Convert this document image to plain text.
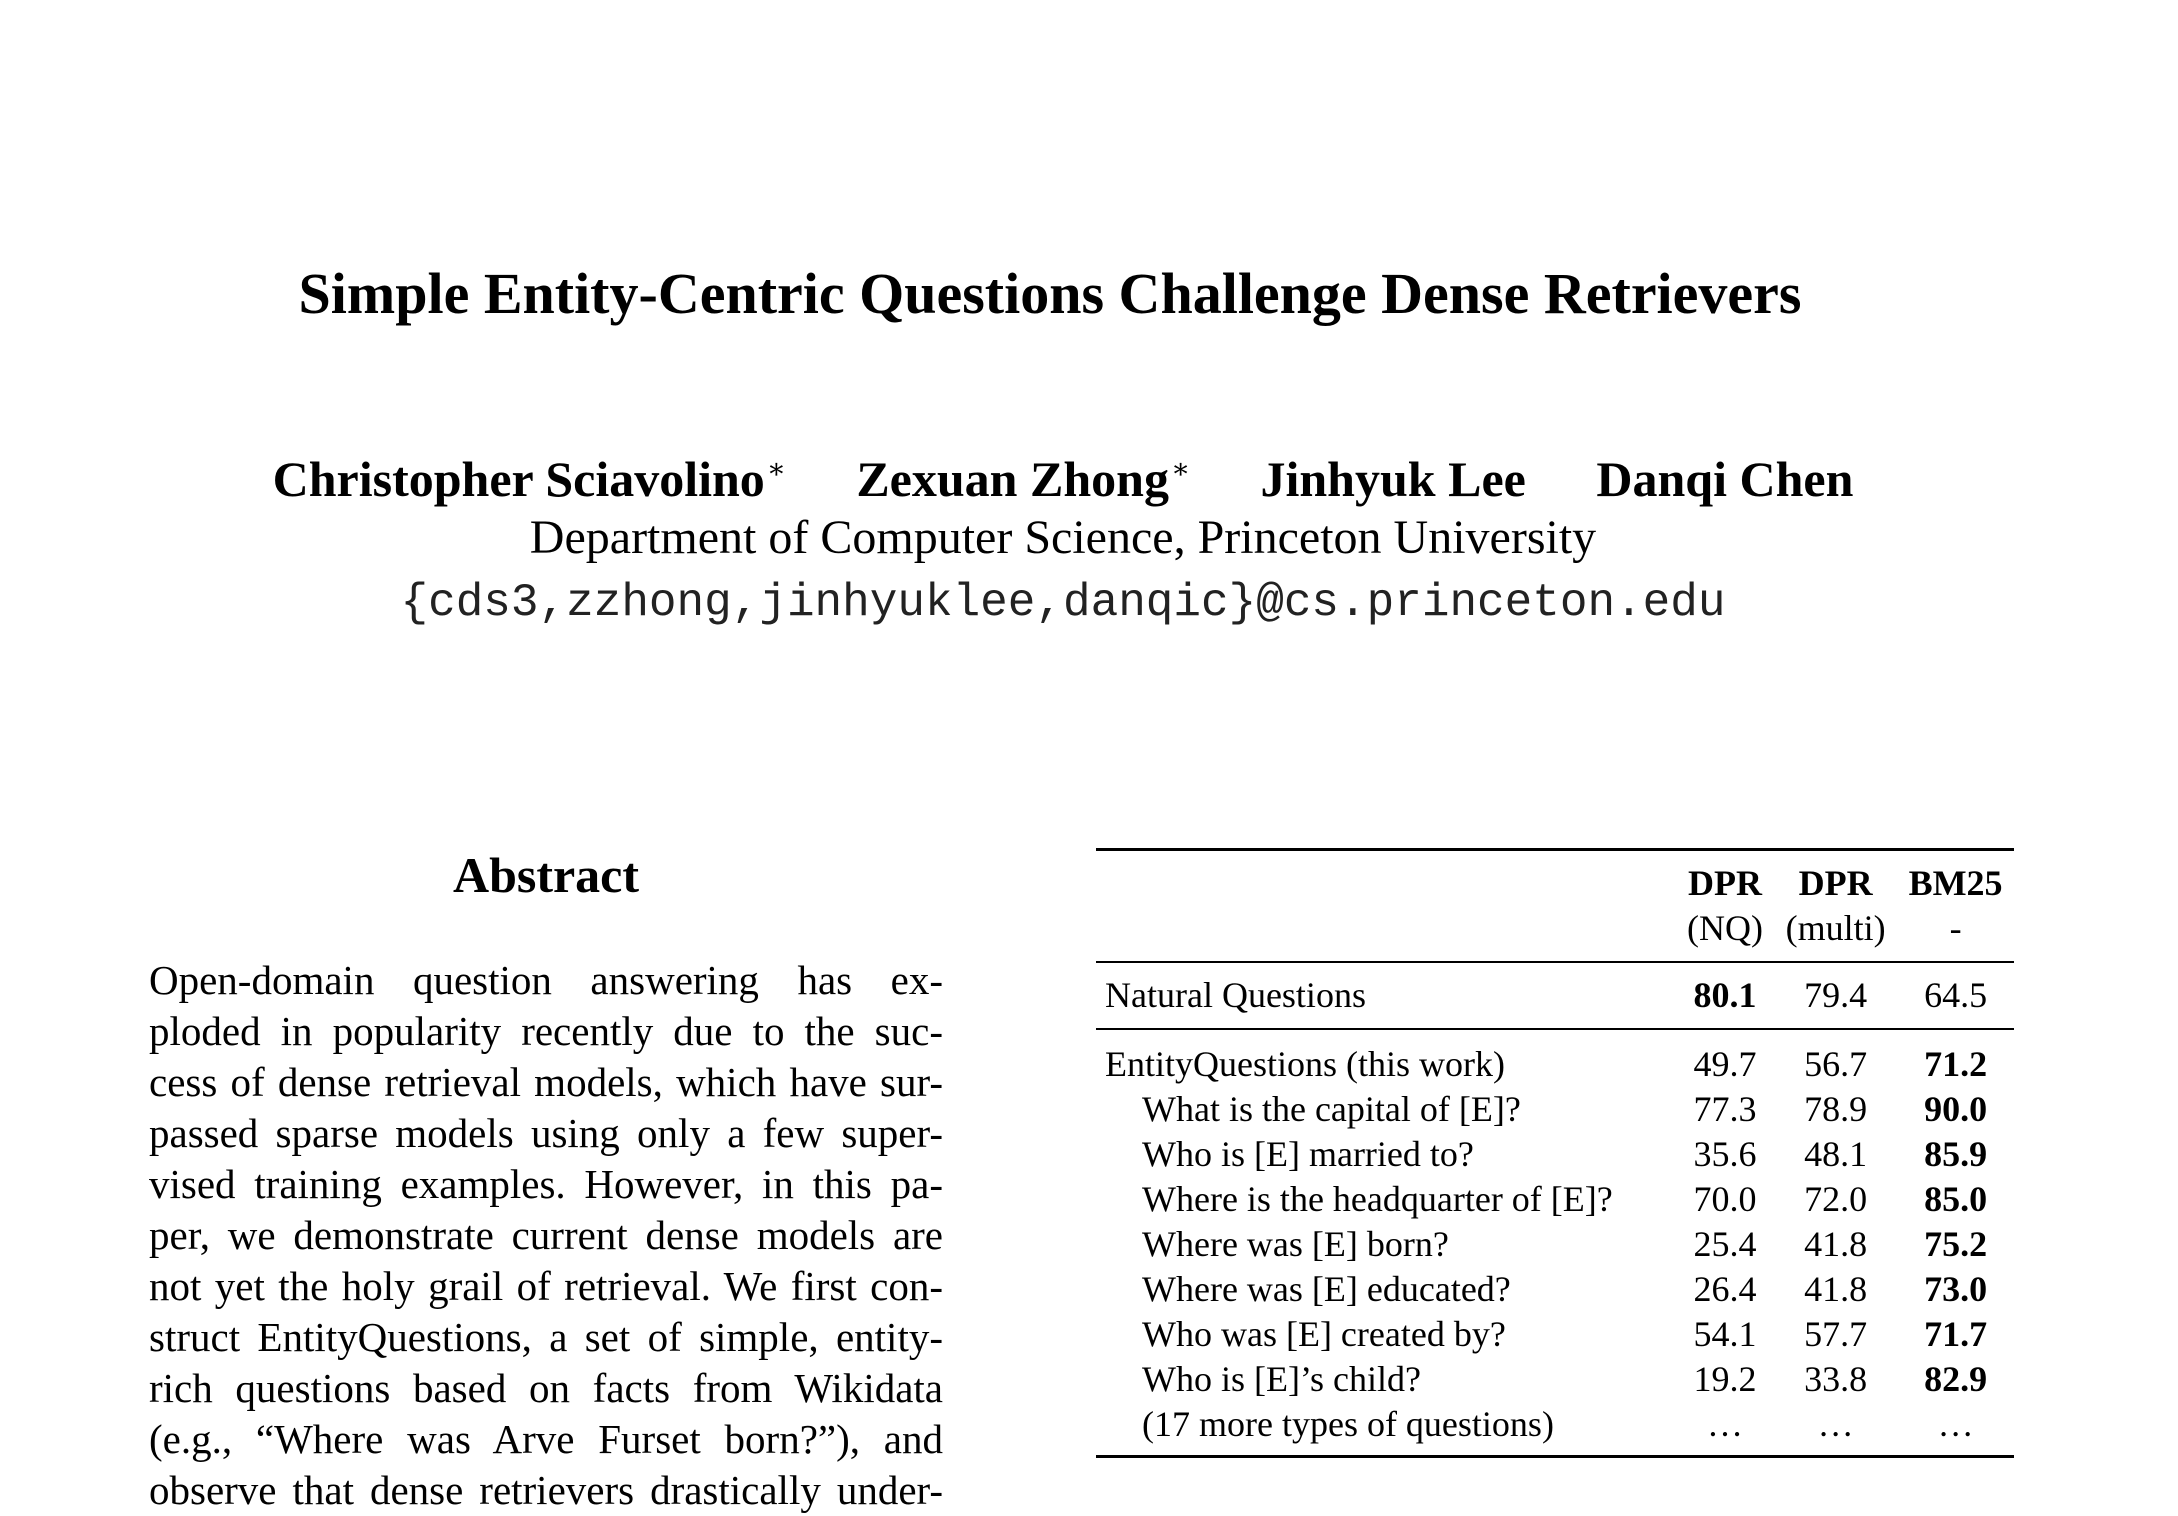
Simple Entity-Centric Questions Challenge Dense Retrievers
Christopher Sciavolino∗ Zexuan Zhong∗ Jinhyuk Lee Danqi Chen
Department of Computer Science, Princeton University
{cds3,zzhong,jinhyuklee,danqic}@cs.princeton.edu
Abstract
Open-domain question answering has ex-
ploded in popularity recently due to the suc-
cess of dense retrieval models, which have sur-
passed sparse models using only a few super-
vised training examples. However, in this pa-
per, we demonstrate current dense models are
not yet the holy grail of retrieval. We first con-
struct EntityQuestions, a set of simple, entity-
rich questions based on facts from Wikidata
(e.g., “Where was Arve Furset born?”), and
observe that dense retrievers drastically under-
	DPR	DPR	BM25
	(NQ)	(multi)	-
Natural Questions	80.1	79.4	64.5
EntityQuestions (this work)	49.7	56.7	71.2
What is the capital of [E]?	77.3	78.9	90.0
Who is [E] married to?	35.6	48.1	85.9
Where is the headquarter of [E]?	70.0	72.0	85.0
Where was [E] born?	25.4	41.8	75.2
Where was [E] educated?	26.4	41.8	73.0
Who was [E] created by?	54.1	57.7	71.7
Who is [E]’s child?	19.2	33.8	82.9
(17 more types of questions)	…	…	…
